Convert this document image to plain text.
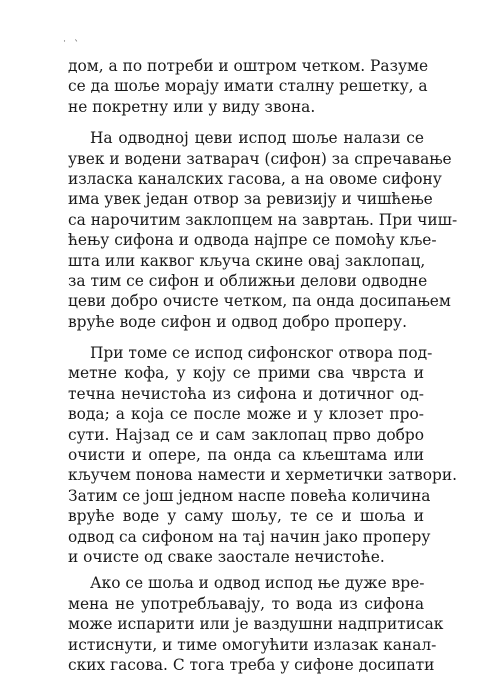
˙ ˋ
дом, а по потреби и оштром четком. Разуме
се да шоље морају имати сталну решетку, а
не покретну или у виду звона.
На одводној цеви испод шоље налази се
увек и водени затварач (сифон) за спречавање
излаcка каналских гасова, а на овоме сифону
има увек један отвор за ревизију и чишћење
са нарочитим заклопцем на завртањ. При чиш-
ћењу сифона и одвода најпре се помоћу кље-
шта или каквог кључа скине овај заклопац,
за тим се сифон и оближњи делови одводне
цеви добро очисте четком, па онда досипањем
вруће воде сифон и одвод добро проперу.
При томе се испод сифонског отвора под-
метне кофа, у коју се прими сва чврста и
течна нечистоћа из сифона и дотичног од-
вода; а која се после може и у клозет про-
сути. Најзад се и сам заклопац прво добро
очисти и опере, па онда са кљештама или
кључем понова намести и херметички затвори.
Затим се још једном наспе повећа количина
вруће воде у саму шољу, те се и шоља и
одвод са сифоном на тај начин јако проперу
и очисте од сваке заостале нечистоће.
Ако се шоља и одвод испод ње дуже вре-
мена не употребљавају, то вода из сифона
може испарити или је ваздушни надпритисак
истиснути, и тиме омогућити излазак канал-
ских гасова. С тога треба у сифоне досипати
